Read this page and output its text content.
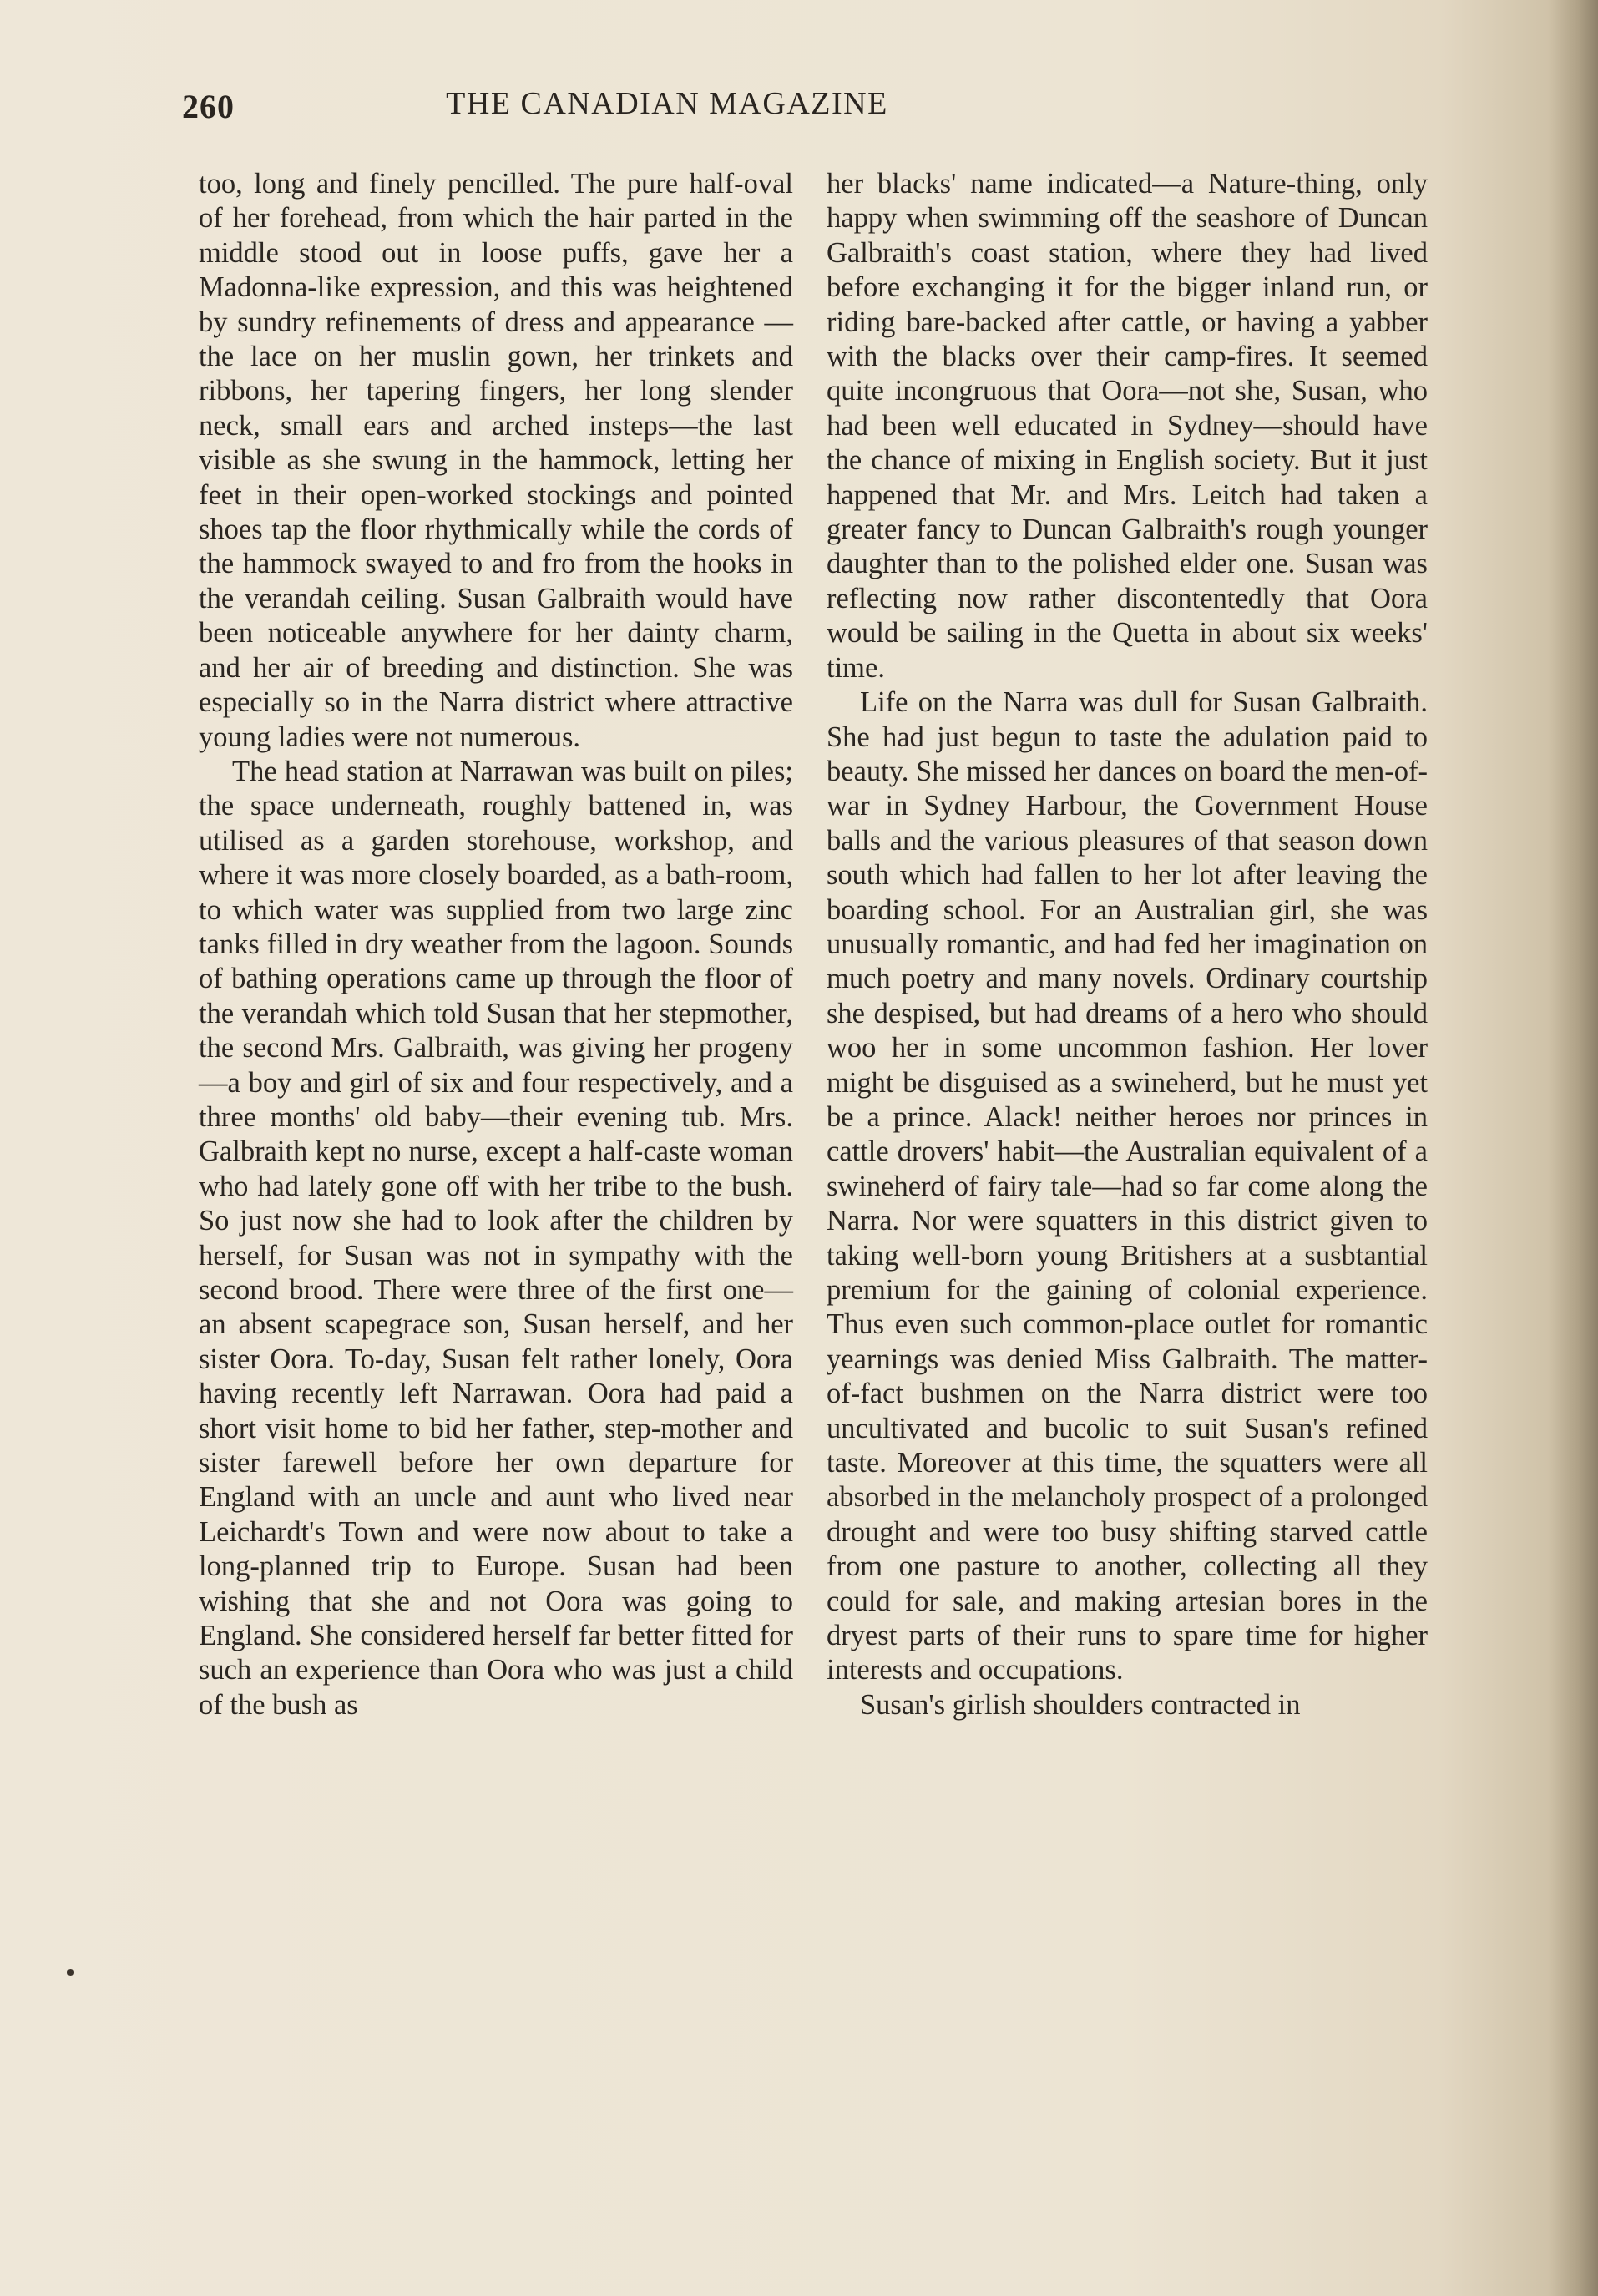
260	THE CANADIAN MAGAZINE

too, long and finely pencilled. The pure half-oval of her forehead, from which the hair parted in the middle stood out in loose puffs, gave her a Madonna-like expression, and this was heightened by sundry refinements of dress and appearance —the lace on her muslin gown, her trinkets and ribbons, her tapering fingers, her long slender neck, small ears and arched insteps—the last visible as she swung in the hammock, letting her feet in their open-worked stockings and pointed shoes tap the floor rhythmically while the cords of the hammock swayed to and fro from the hooks in the verandah ceiling. Susan Galbraith would have been noticeable anywhere for her dainty charm, and her air of breeding and distinction. She was especially so in the Narra district where attractive young ladies were not numerous.

The head station at Narrawan was built on piles; the space underneath, roughly battened in, was utilised as a garden storehouse, workshop, and where it was more closely boarded, as a bath-room, to which water was supplied from two large zinc tanks filled in dry weather from the lagoon. Sounds of bathing operations came up through the floor of the verandah which told Susan that her stepmother, the second Mrs. Galbraith, was giving her progeny—a boy and girl of six and four respectively, and a three months' old baby—their evening tub. Mrs. Galbraith kept no nurse, except a half-caste woman who had lately gone off with her tribe to the bush. So just now she had to look after the children by herself, for Susan was not in sympathy with the second brood. There were three of the first one—an absent scapegrace son, Susan herself, and her sister Oora. To-day, Susan felt rather lonely, Oora having recently left Narrawan. Oora had paid a short visit home to bid her father, step-mother and sister farewell before her own departure for England with an uncle and aunt who lived near Leichardt's Town and were now about to take a long-planned trip to Europe. Susan had been wishing that she and not Oora was going to England. She considered herself far better fitted for such an experience than Oora who was just a child of the bush as

her blacks' name indicated—a Nature-thing, only happy when swimming off the seashore of Duncan Galbraith's coast station, where they had lived before exchanging it for the bigger inland run, or riding bare-backed after cattle, or having a yabber with the blacks over their camp-fires. It seemed quite incongruous that Oora—not she, Susan, who had been well educated in Sydney—should have the chance of mixing in English society. But it just happened that Mr. and Mrs. Leitch had taken a greater fancy to Duncan Galbraith's rough younger daughter than to the polished elder one. Susan was reflecting now rather discontentedly that Oora would be sailing in the Quetta in about six weeks' time.

Life on the Narra was dull for Susan Galbraith. She had just begun to taste the adulation paid to beauty. She missed her dances on board the men-of-war in Sydney Harbour, the Government House balls and the various pleasures of that season down south which had fallen to her lot after leaving the boarding school. For an Australian girl, she was unusually romantic, and had fed her imagination on much poetry and many novels. Ordinary courtship she despised, but had dreams of a hero who should woo her in some uncommon fashion. Her lover might be disguised as a swineherd, but he must yet be a prince. Alack! neither heroes nor princes in cattle drovers' habit—the Australian equivalent of a swineherd of fairy tale—had so far come along the Narra. Nor were squatters in this district given to taking well-born young Britishers at a susbtantial premium for the gaining of colonial experience. Thus even such common-place outlet for romantic yearnings was denied Miss Galbraith. The matter-of-fact bushmen on the Narra district were too uncultivated and bucolic to suit Susan's refined taste. Moreover at this time, the squatters were all absorbed in the melancholy prospect of a prolonged drought and were too busy shifting starved cattle from one pasture to another, collecting all they could for sale, and making artesian bores in the dryest parts of their runs to spare time for higher interests and occupations.

Susan's girlish shoulders contracted in
